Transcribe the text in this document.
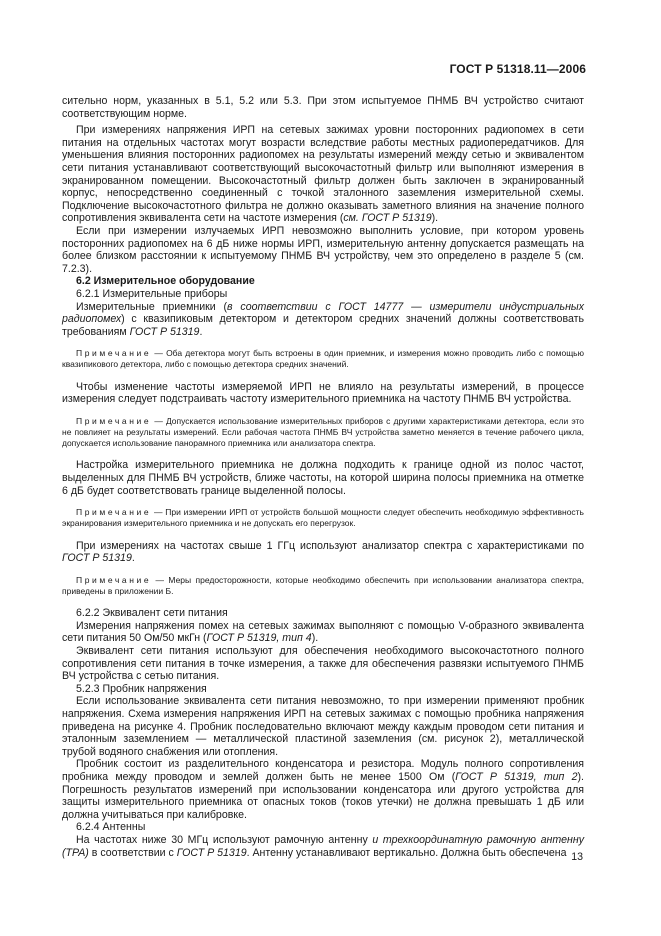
ГОСТ Р 51318.11—2006

ситeльно норм, указанных в 5.1, 5.2 или 5.3. При этом испытуемое ПНМБ ВЧ устройство считают соответствующим норме.

При измерениях напряжения ИРП на сетевых зажимах уровни посторонних радиопомех в сети питания на отдельных частотах могут возрасти вследствие работы местных радиопередатчиков. Для уменьшения влияния посторонних радиопомех на результаты измерений между сетью и эквивалентом сети питания устанавливают соответствующий высокочастотный фильтр или выполняют измерения в экранированном помещении. Высокочастотный фильтр должен быть заключен в экранированный корпус, непосредственно соединенный с точкой эталонного заземления измерительной схемы. Подключение высокочастотного фильтра не должно оказывать заметного влияния на значение полного сопротивления эквивалента сети на частоте измерения (см. ГОСТ Р 51319).

Если при измерении излучаемых ИРП невозможно выполнить условие, при котором уровень посторонних радиопомех на 6 дБ ниже нормы ИРП, измерительную антенну допускается размещать на более близком расстоянии к испытуемому ПНМБ ВЧ устройству, чем это определено в разделе 5 (см. 7.2.3).

6.2 Измерительное оборудование

6.2.1 Измерительные приборы

Измерительные приемники (в соответствии с ГОСТ 14777 — измерители индустриальных радиопомех) с квазипиковым детектором и детектором средних значений должны соответствовать требованиям ГОСТ Р 51319.

Примечание — Оба детектора могут быть встроены в один приемник, и измерения можно проводить либо с помощью квазипикового детектора, либо с помощью детектора средних значений.

Чтобы изменение частоты измеряемой ИРП не влияло на результаты измерений, в процессе измерения следует подстраивать частоту измерительного приемника на частоту ПНМБ ВЧ устройства.

Примечание — Допускается использование измерительных приборов с другими характеристиками детектора, если это не повлияет на результаты измерений. Если рабочая частота ПНМБ ВЧ устройства заметно меняется в течение рабочего цикла, допускается использование панорамного приемника или анализатора спектра.

Настройка измерительного приемника не должна подходить к границе одной из полос частот, выделенных для ПНМБ ВЧ устройств, ближе частоты, на которой ширина полосы приемника на отметке 6 дБ будет соответствовать границе выделенной полосы.

Примечание — При измерении ИРП от устройств большой мощности следует обеспечить необходимую эффективность экранирования измерительного приемника и не допускать его перегрузок.

При измерениях на частотах свыше 1 ГГц используют анализатор спектра с характеристиками по ГОСТ Р 51319.

Примечание — Меры предосторожности, которые необходимо обеспечить при использовании анализатора спектра, приведены в приложении Б.

6.2.2 Эквивалент сети питания

Измерения напряжения помех на сетевых зажимах выполняют с помощью V-образного эквивалента сети питания 50 Ом/50 мкГн (ГОСТ Р 51319, тип 4).

Эквивалент сети питания используют для обеспечения необходимого высокочастотного полного сопротивления сети питания в точке измерения, а также для обеспечения развязки испытуемого ПНМБ ВЧ устройства с сетью питания.

5.2.3 Пробник напряжения

Если использование эквивалента сети питания невозможно, то при измерении применяют пробник напряжения. Схема измерения напряжения ИРП на сетевых зажимах с помощью пробника напряжения приведена на рисунке 4. Пробник последовательно включают между каждым проводом сети питания и эталонным заземлением — металлической пластиной заземления (см. рисунок 2), металлической трубой водяного снабжения или отопления.

Пробник состоит из разделительного конденсатора и резистора. Модуль полного сопротивления пробника между проводом и землей должен быть не менее 1500 Ом (ГОСТ Р 51319, тип 2). Погрешность результатов измерений при использовании конденсатора или другого устройства для защиты измерительного приемника от опасных токов (токов утечки) не должна превышать 1 дБ или должна учитываться при калибровке.

6.2.4 Антенны

На частотах ниже 30 МГц используют рамочную антенну и трехкоординатную рамочную антенну (ТРА) в соответствии с ГОСТ Р 51319. Антенну устанавливают вертикально. Должна быть обеспечена 13
